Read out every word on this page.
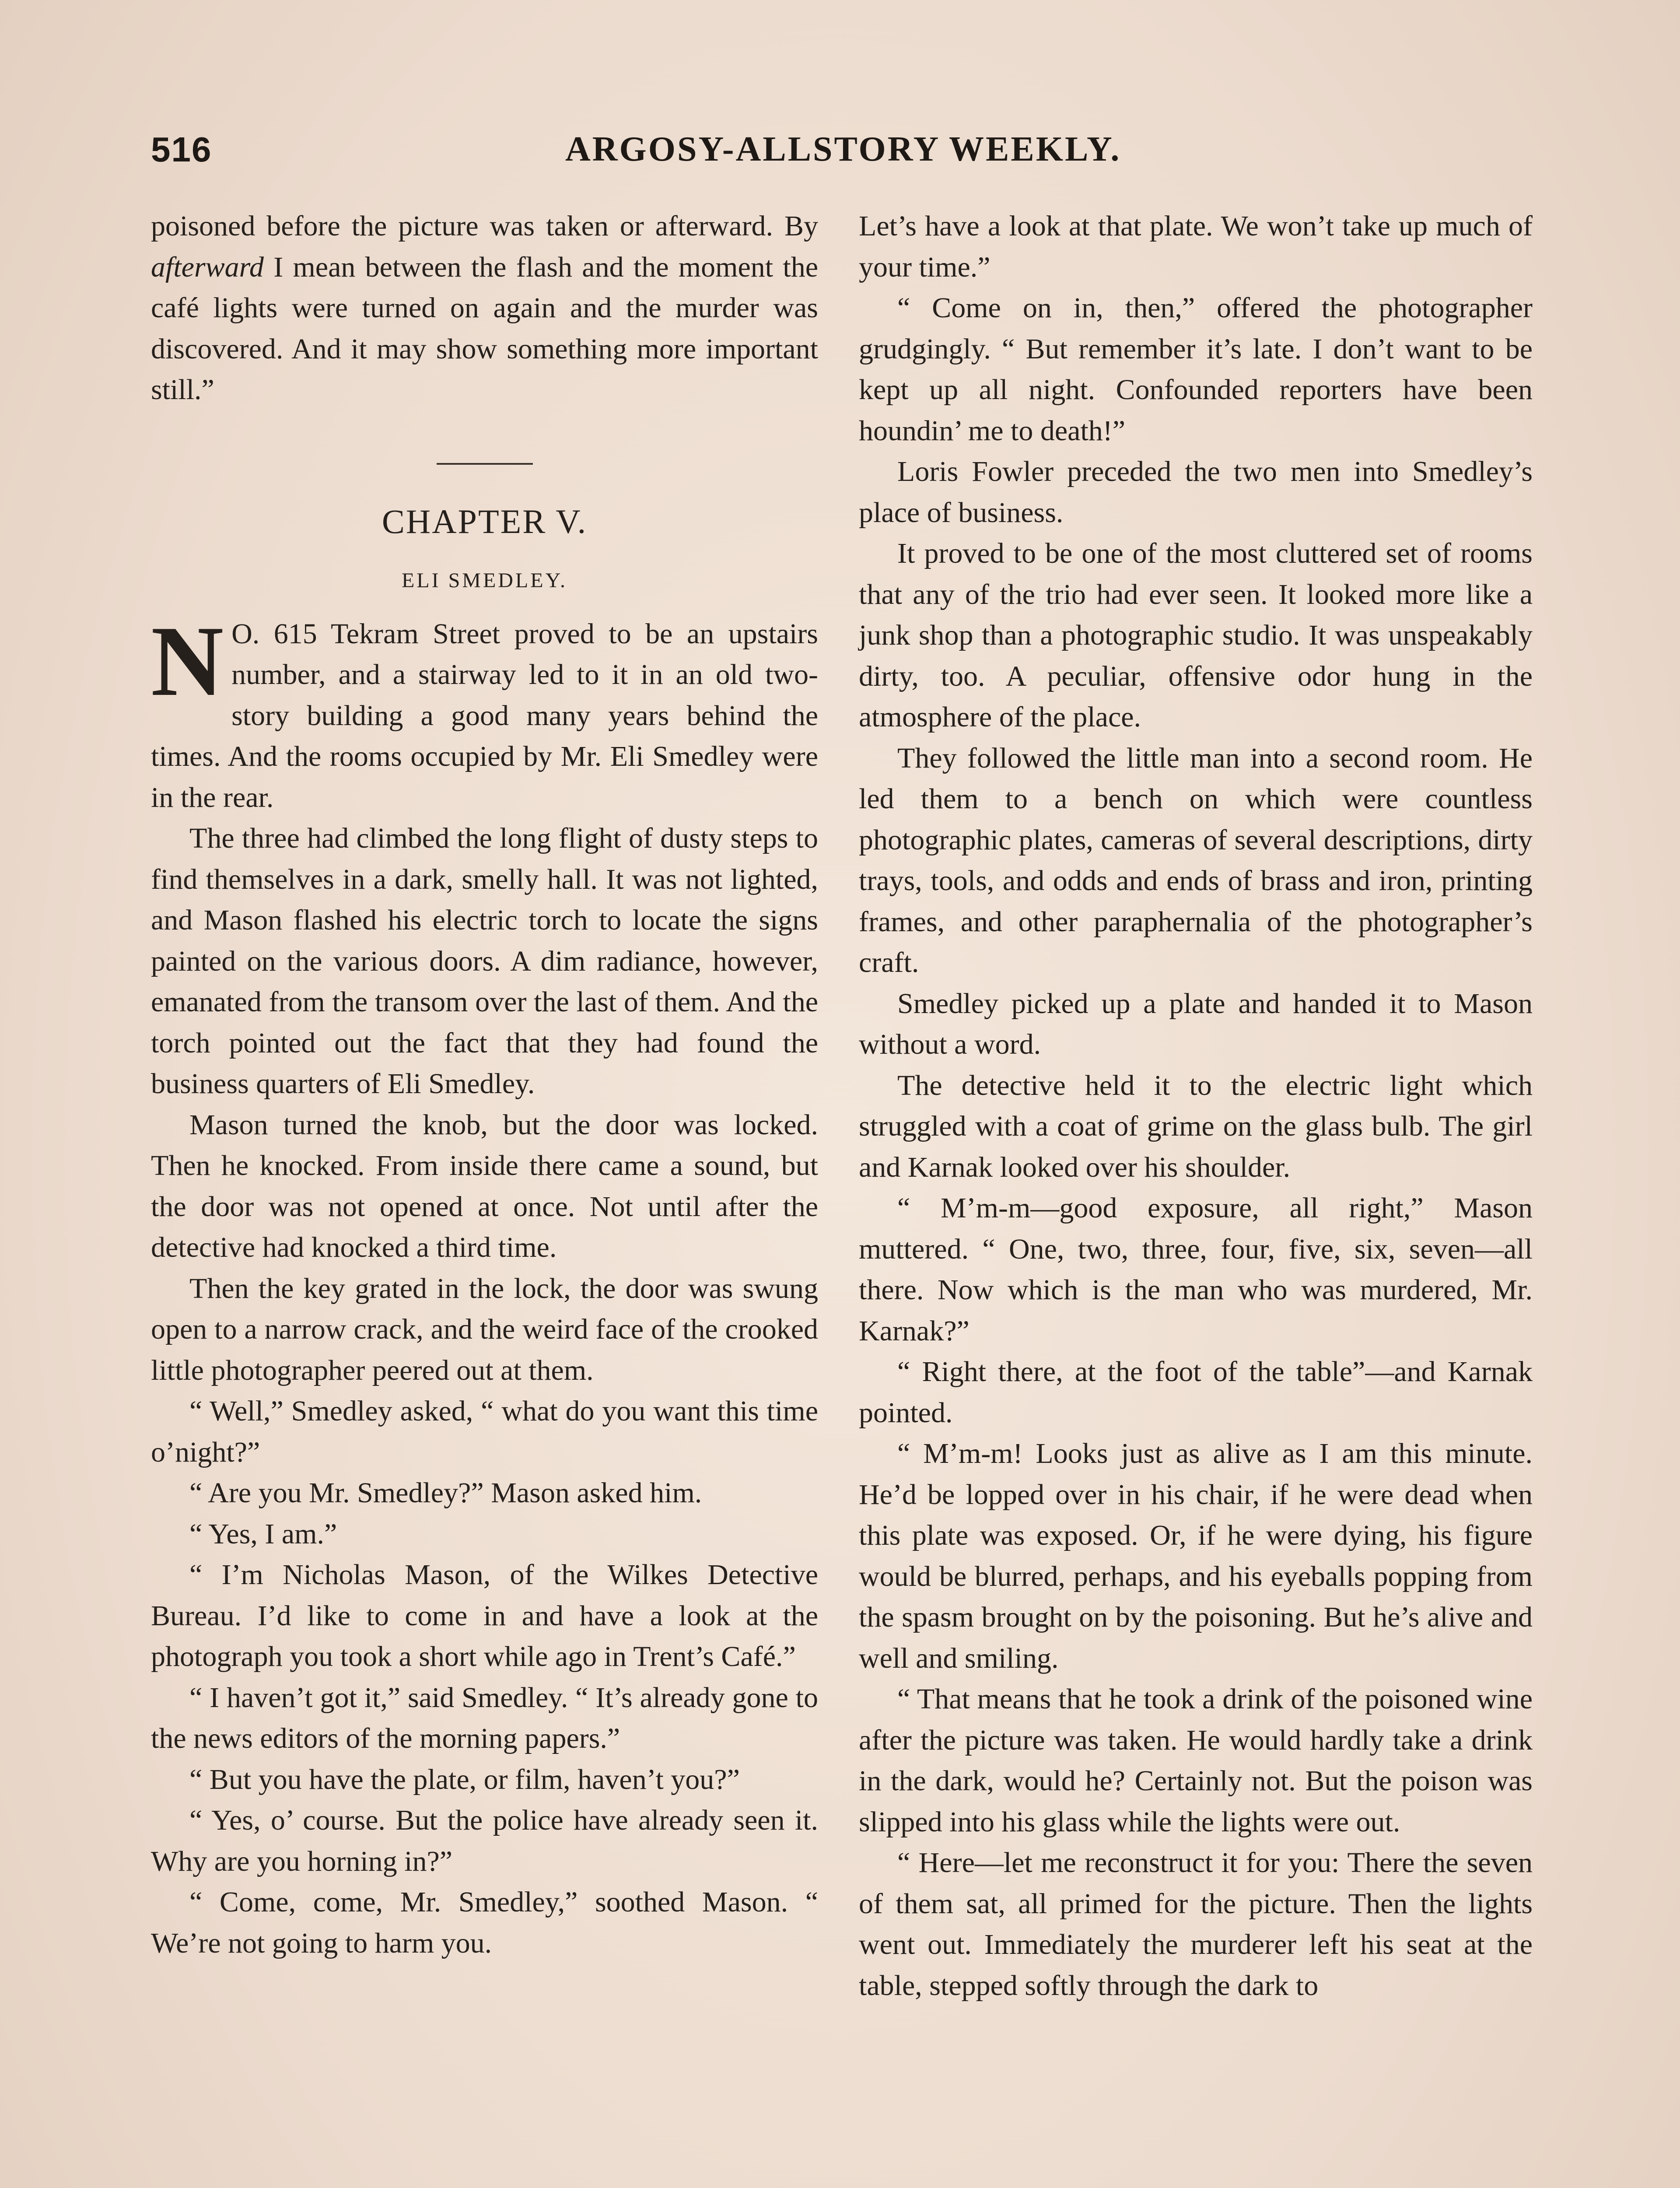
516	ARGOSY-ALLSTORY WEEKLY.

poisoned before the picture was taken or afterward. By afterward I mean between the flash and the moment the café lights were turned on again and the murder was discovered. And it may show something more important still.”

CHAPTER V.
ELI SMEDLEY.

N O. 615 Tekram Street proved to be an upstairs number, and a stairway led to it in an old two-story building a good many years behind the times. And the rooms occupied by Mr. Eli Smedley were in the rear.

The three had climbed the long flight of dusty steps to find themselves in a dark, smelly hall. It was not lighted, and Mason flashed his electric torch to locate the signs painted on the various doors. A dim radiance, however, emanated from the transom over the last of them. And the torch pointed out the fact that they had found the business quarters of Eli Smedley.

Mason turned the knob, but the door was locked. Then he knocked. From inside there came a sound, but the door was not opened at once. Not until after the detective had knocked a third time.

Then the key grated in the lock, the door was swung open to a narrow crack, and the weird face of the crooked little photographer peered out at them.

“ Well,” Smedley asked, “ what do you want this time o’night?”

“ Are you Mr. Smedley?” Mason asked him.

“ Yes, I am.”

“ I’m Nicholas Mason, of the Wilkes Detective Bureau. I’d like to come in and have a look at the photograph you took a short while ago in Trent’s Café.”

“ I haven’t got it,” said Smedley. “ It’s already gone to the news editors of the morning papers.”

“ But you have the plate, or film, haven’t you?”

“ Yes, o’ course. But the police have already seen it. Why are you horning in?”

“ Come, come, Mr. Smedley,” soothed Mason. “ We’re not going to harm you.

Let’s have a look at that plate. We won’t take up much of your time.”

“ Come on in, then,” offered the photographer grudgingly. “ But remember it’s late. I don’t want to be kept up all night. Confounded reporters have been houndin’ me to death!”

Loris Fowler preceded the two men into Smedley’s place of business.

It proved to be one of the most cluttered set of rooms that any of the trio had ever seen. It looked more like a junk shop than a photographic studio. It was unspeakably dirty, too. A peculiar, offensive odor hung in the atmosphere of the place.

They followed the little man into a second room. He led them to a bench on which were countless photographic plates, cameras of several descriptions, dirty trays, tools, and odds and ends of brass and iron, printing frames, and other paraphernalia of the photographer’s craft.

Smedley picked up a plate and handed it to Mason without a word.

The detective held it to the electric light which struggled with a coat of grime on the glass bulb. The girl and Karnak looked over his shoulder.

“ M’m-m—good exposure, all right,” Mason muttered. “ One, two, three, four, five, six, seven—all there. Now which is the man who was murdered, Mr. Karnak?”

“ Right there, at the foot of the table”—and Karnak pointed.

“ M’m-m! Looks just as alive as I am this minute. He’d be lopped over in his chair, if he were dead when this plate was exposed. Or, if he were dying, his figure would be blurred, perhaps, and his eyeballs popping from the spasm brought on by the poisoning. But he’s alive and well and smiling.

“ That means that he took a drink of the poisoned wine after the picture was taken. He would hardly take a drink in the dark, would he? Certainly not. But the poison was slipped into his glass while the lights were out.

“ Here—let me reconstruct it for you: There the seven of them sat, all primed for the picture. Then the lights went out. Immediately the murderer left his seat at the table, stepped softly through the dark to
